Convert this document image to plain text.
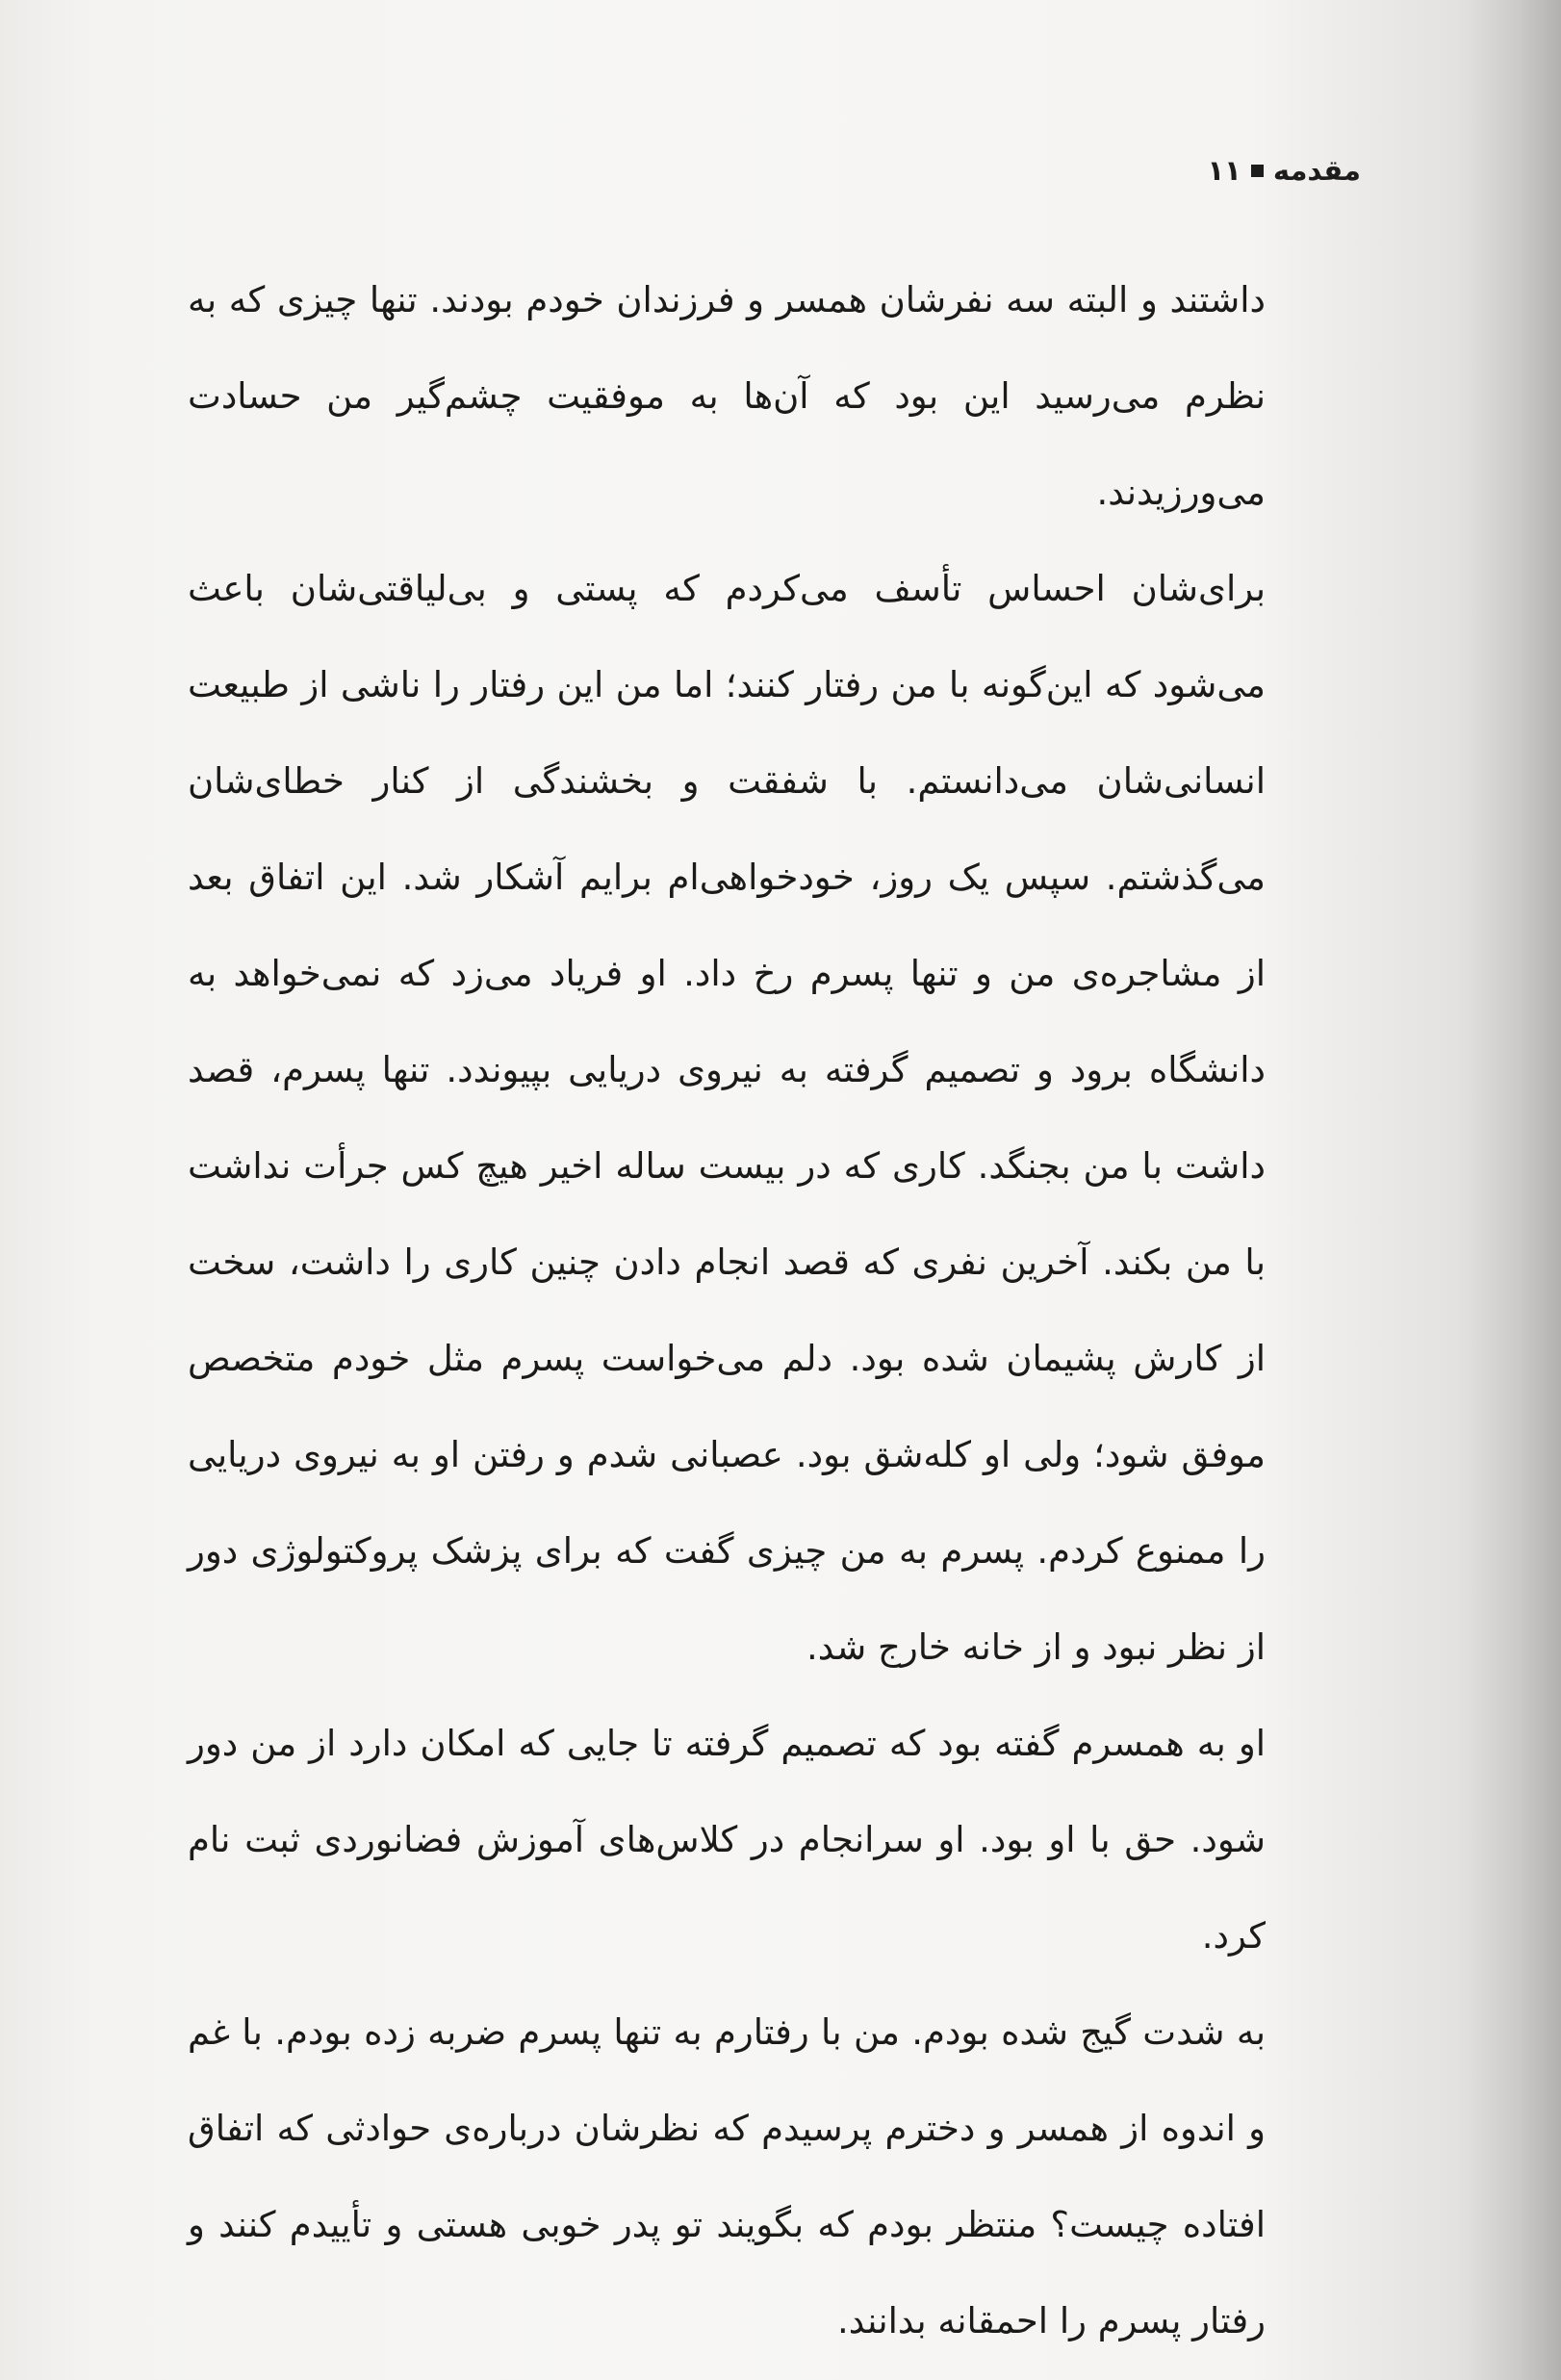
مقدمه
۱۱

داشتند و البته سه نفرشان همسر و فرزندان خودم بودند. تنها چیزی که به نظرم می‌رسید این بود که آن‌ها به موفقیت چشم‌گیر من حسادت می‌ورزیدند.

برای‌شان احساس تأسف می‌کردم که پستی و بی‌لیاقتی‌شان باعث می‌شود که این‌گونه با من رفتار کنند؛ اما من این رفتار را ناشی از طبیعت انسانی‌شان می‌دانستم. با شفقت و بخشندگی از کنار خطای‌شان می‌گذشتم. سپس یک روز، خودخواهی‌ام برایم آشکار شد. این اتفاق بعد از مشاجره‌ی من و تنها پسرم رخ داد. او فریاد می‌زد که نمی‌خواهد به دانشگاه برود و تصمیم گرفته به نیروی دریایی بپیوندد. تنها پسرم، قصد داشت با من بجنگد. کاری که در بیست ساله اخیر هیچ کس جرأت نداشت با من بکند. آخرین نفری که قصد انجام دادن چنین کاری را داشت، سخت از کارش پشیمان شده بود. دلم می‌خواست پسرم مثل خودم متخصص موفق شود؛ ولی او کله‌شق بود. عصبانی شدم و رفتن او به نیروی دریایی را ممنوع کردم. پسرم به من چیزی گفت که برای پزشک پروکتولوژی دور از نظر نبود و از خانه خارج شد.

او به همسرم گفته بود که تصمیم گرفته تا جایی که امکان دارد از من دور شود. حق با او بود. او سرانجام در کلاس‌های آموزش فضانوردی ثبت نام کرد.

به شدت گیج شده بودم. من با رفتارم به تنها پسرم ضربه زده بودم. با غم و اندوه از همسر و دخترم پرسیدم که نظرشان درباره‌ی حوادثی که اتفاق افتاده چیست؟ منتظر بودم که بگویند تو پدر خوبی هستی و تأییدم کنند و رفتار پسرم را احمقانه بدانند.
